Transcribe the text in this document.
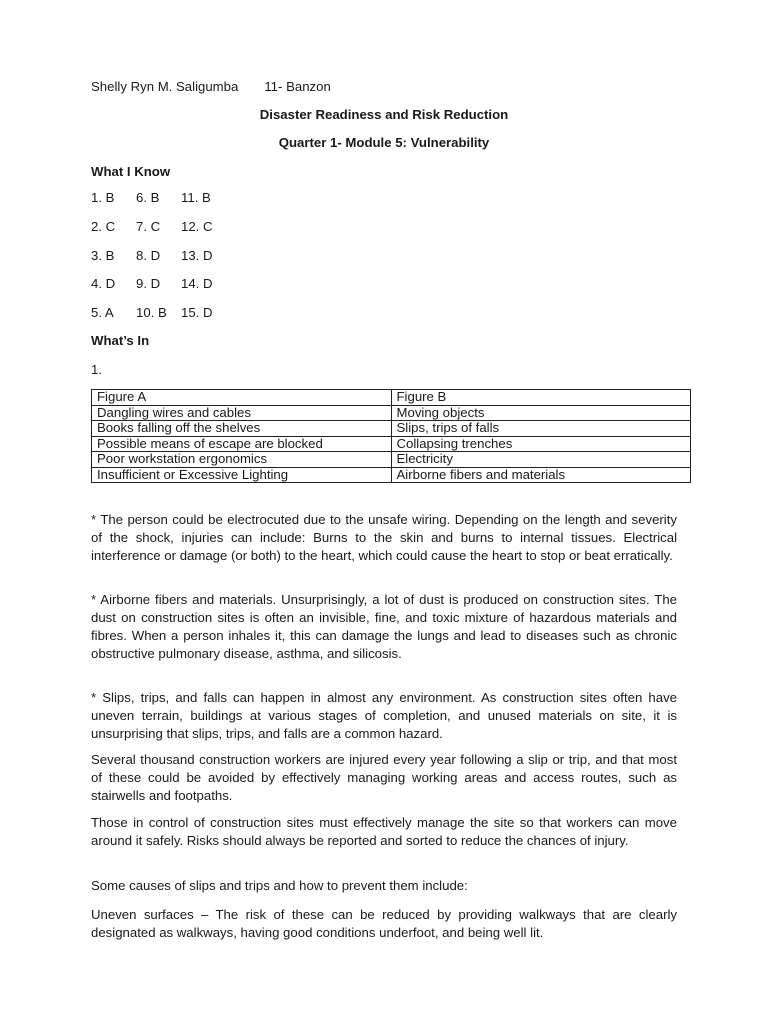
Shelly Ryn M. Saligumba 11- Banzon
Disaster Readiness and Risk Reduction
Quarter 1- Module 5: Vulnerability
What I Know
1. B 6. B 11. B
2. C 7. C 12. C
3. B 8. D 13. D
4. D 9. D 14. D
5. A 10. B 15. D
What’s In
1.
Figure A	Figure B
Dangling wires and cables	Moving objects
Books falling off the shelves	Slips, trips of falls
Possible means of escape are blocked	Collapsing trenches
Poor workstation ergonomics	Electricity
Insufficient or Excessive Lighting	Airborne fibers and materials

* The person could be electrocuted due to the unsafe wiring. Depending on the length and severity of the shock, injuries can include: Burns to the skin and burns to internal tissues. Electrical interference or damage (or both) to the heart, which could cause the heart to stop or beat erratically.

* Airborne fibers and materials. Unsurprisingly, a lot of dust is produced on construction sites. The dust on construction sites is often an invisible, fine, and toxic mixture of hazardous materials and fibres. When a person inhales it, this can damage the lungs and lead to diseases such as chronic obstructive pulmonary disease, asthma, and silicosis.

* Slips, trips, and falls can happen in almost any environment. As construction sites often have uneven terrain, buildings at various stages of completion, and unused materials on site, it is unsurprising that slips, trips, and falls are a common hazard.

Several thousand construction workers are injured every year following a slip or trip, and that most of these could be avoided by effectively managing working areas and access routes, such as stairwells and footpaths.

Those in control of construction sites must effectively manage the site so that workers can move around it safely. Risks should always be reported and sorted to reduce the chances of injury.

Some causes of slips and trips and how to prevent them include:

Uneven surfaces – The risk of these can be reduced by providing walkways that are clearly designated as walkways, having good conditions underfoot, and being well lit.
